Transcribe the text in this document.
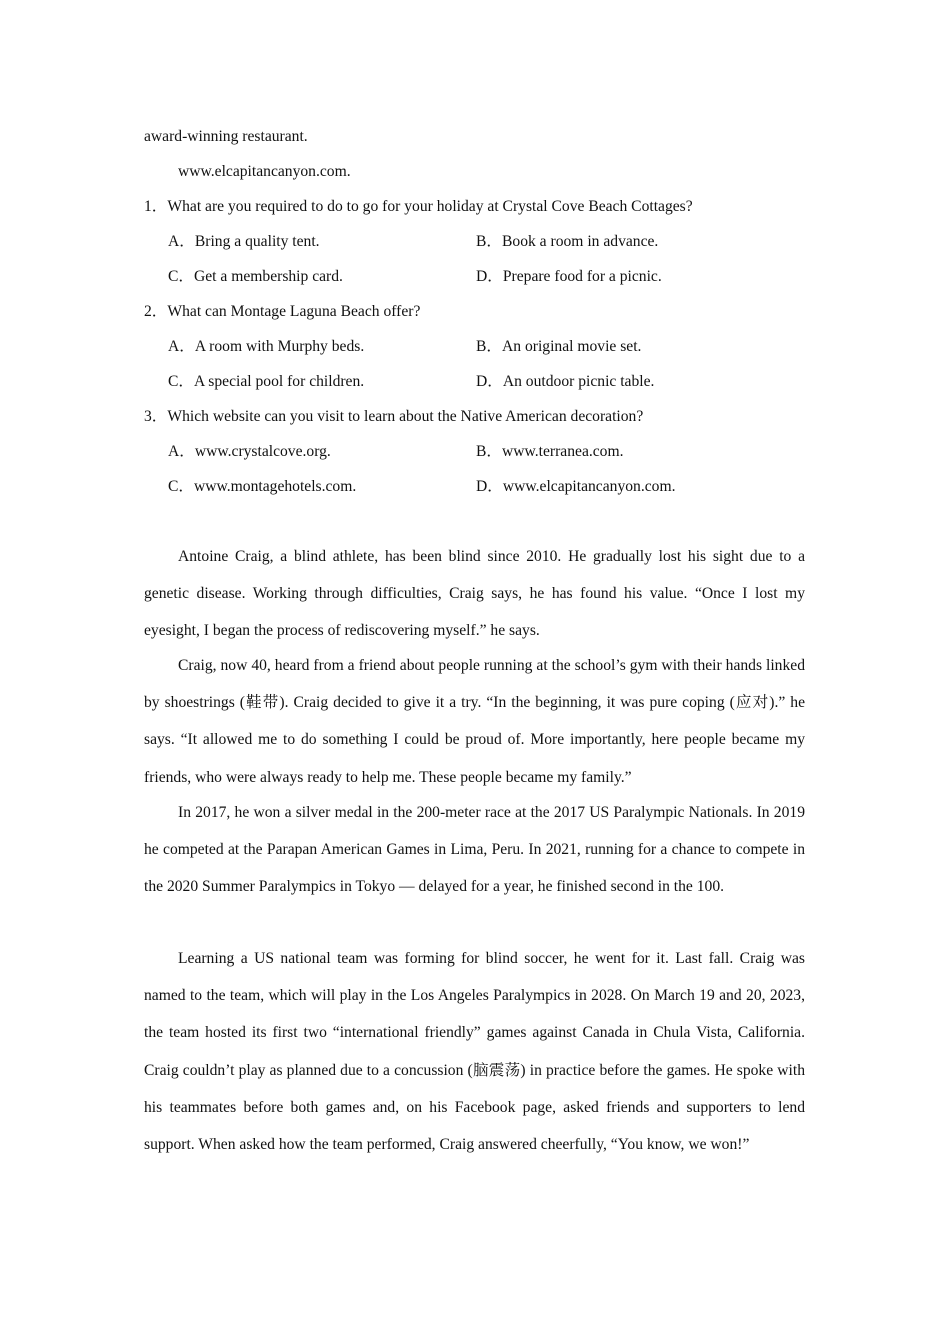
award-winning restaurant.
www.elcapitancanyon.com.
1．What are you required to do to go for your holiday at Crystal Cove Beach Cottages?
A．Bring a quality tent.	B．Book a room in advance.
C．Get a membership card.	D．Prepare food for a picnic.
2．What can Montage Laguna Beach offer?
A．A room with Murphy beds.	B．An original movie set.
C．A special pool for children.	D．An outdoor picnic table.
3．Which website can you visit to learn about the Native American decoration?
A．www.crystalcove.org.	B．www.terranea.com.
C．www.montagehotels.com.	D．www.elcapitancanyon.com.

Antoine Craig, a blind athlete, has been blind since 2010. He gradually lost his sight due to a genetic disease. Working through difficulties, Craig says, he has found his value. “Once I lost my eyesight, I began the process of rediscovering myself.” he says.

Craig, now 40, heard from a friend about people running at the school’s gym with their hands linked by shoestrings (鞋带). Craig decided to give it a try. “In the beginning, it was pure coping (应对).” he says. “It allowed me to do something I could be proud of. More importantly, here people became my friends, who were always ready to help me. These people became my family.”

In 2017, he won a silver medal in the 200-meter race at the 2017 US Paralympic Nationals. In 2019 he competed at the Parapan American Games in Lima, Peru. In 2021, running for a chance to compete in the 2020 Summer Paralympics in Tokyo — delayed for a year, he finished second in the 100.

Learning a US national team was forming for blind soccer, he went for it. Last fall. Craig was named to the team, which will play in the Los Angeles Paralympics in 2028. On March 19 and 20, 2023, the team hosted its first two “international friendly” games against Canada in Chula Vista, California. Craig couldn’t play as planned due to a concussion (脑震荡) in practice before the games. He spoke with his teammates before both games and, on his Facebook page, asked friends and supporters to lend support. When asked how the team performed, Craig answered cheerfully, “You know, we won!”
